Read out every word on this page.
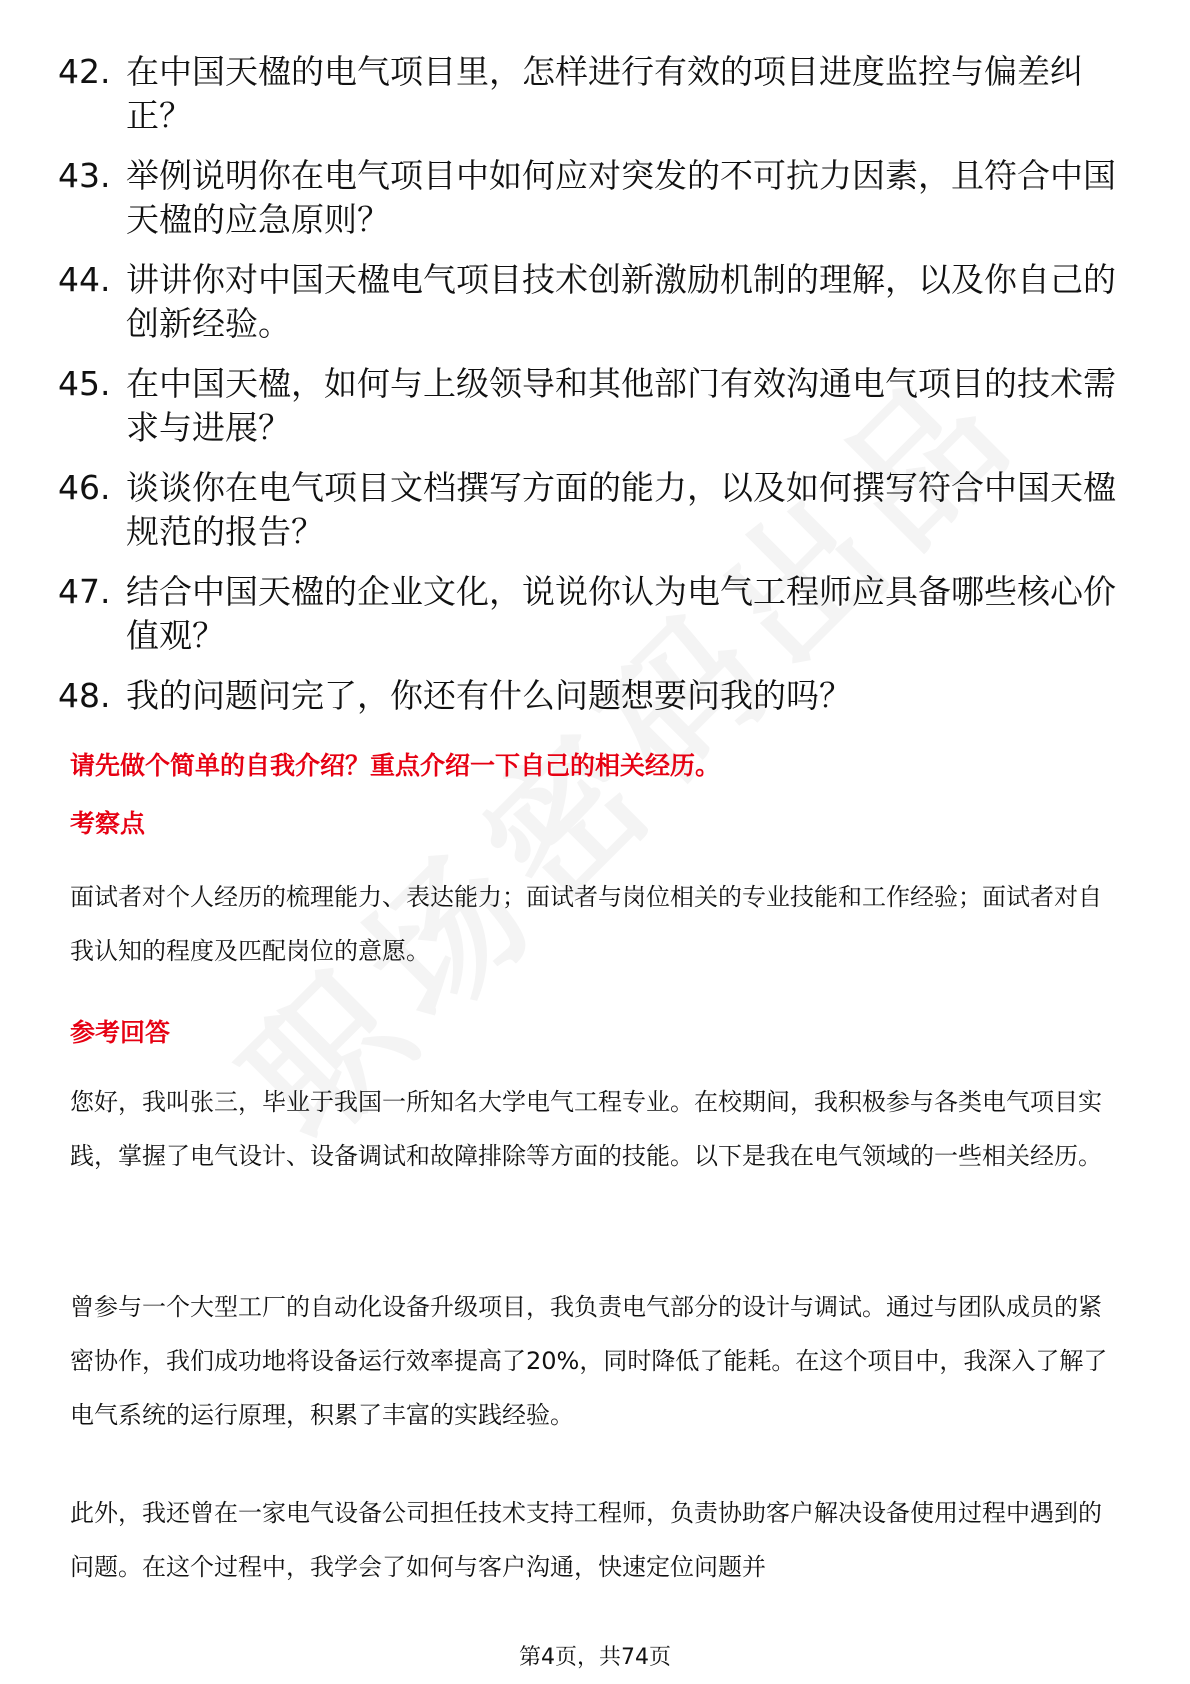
42. 在中国天楹的电气项目里，怎样进行有效的项目进度监控与偏差纠正？
43. 举例说明你在电气项目中如何应对突发的不可抗力因素，且符合中国天楹的应急原则？
44. 讲讲你对中国天楹电气项目技术创新激励机制的理解，以及你自己的创新经验。
45. 在中国天楹，如何与上级领导和其他部门有效沟通电气项目的技术需求与进展？
46. 谈谈你在电气项目文档撰写方面的能力，以及如何撰写符合中国天楹规范的报告？
47. 结合中国天楹的企业文化，说说你认为电气工程师应具备哪些核心价值观？
48. 我的问题问完了，你还有什么问题想要问我的吗？
请先做个简单的自我介绍？重点介绍一下自己的相关经历。
考察点
面试者对个人经历的梳理能力、表达能力；面试者与岗位相关的专业技能和工作经验；面试者对自我认知的程度及匹配岗位的意愿。
参考回答
您好，我叫张三，毕业于我国一所知名大学电气工程专业。在校期间，我积极参与各类电气项目实践，掌握了电气设计、设备调试和故障排除等方面的技能。以下是我在电气领域的一些相关经历。
曾参与一个大型工厂的自动化设备升级项目，我负责电气部分的设计与调试。通过与团队成员的紧密协作，我们成功地将设备运行效率提高了20%，同时降低了能耗。在这个项目中，我深入了解了电气系统的运行原理，积累了丰富的实践经验。
此外，我还曾在一家电气设备公司担任技术支持工程师，负责协助客户解决设备使用过程中遇到的问题。在这个过程中，我学会了如何与客户沟通，快速定位问题并
第4页，共74页
